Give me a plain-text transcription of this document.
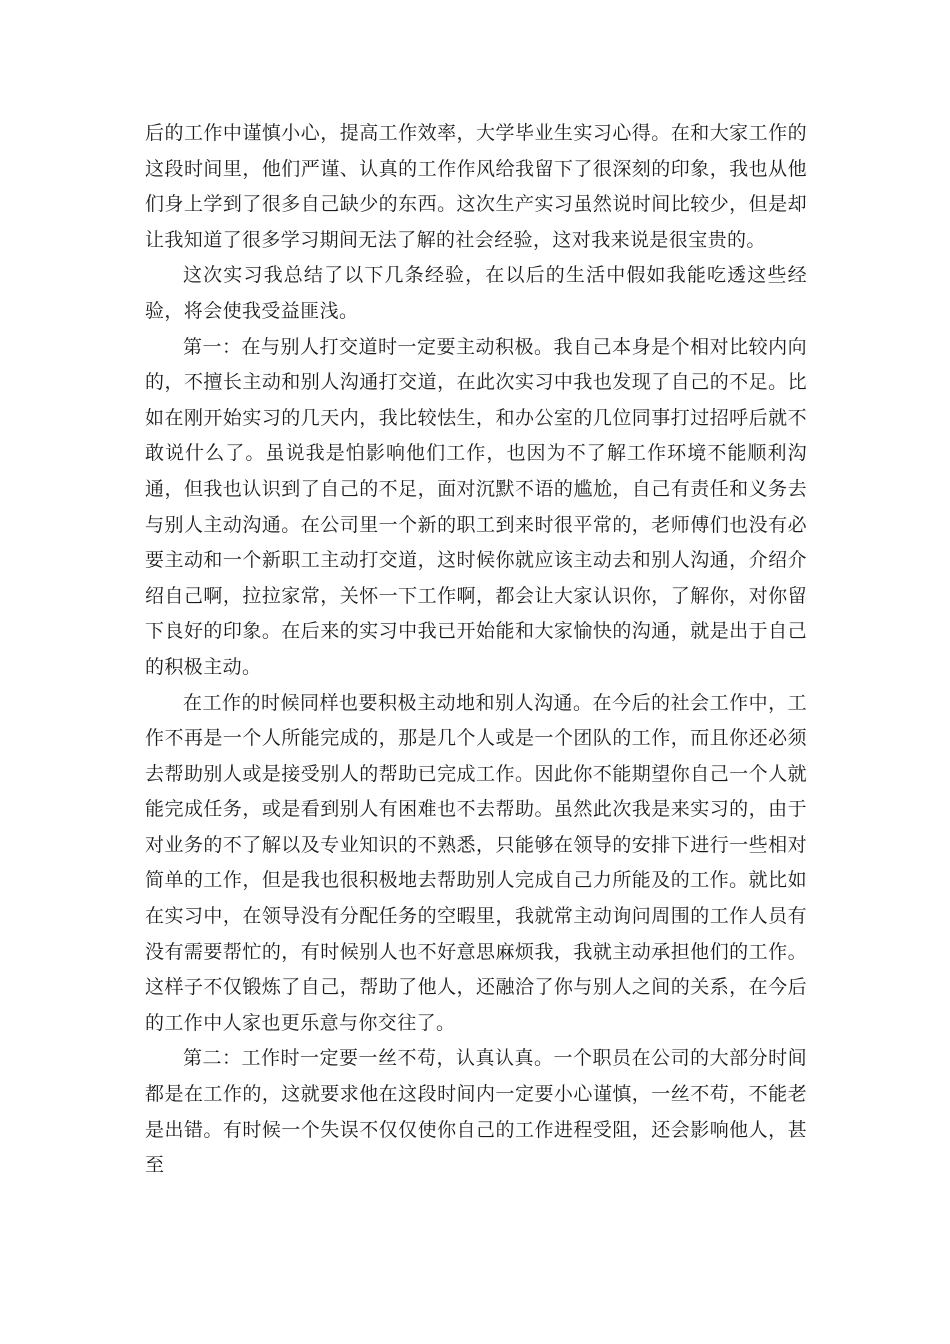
后的工作中谨慎小心，提高工作效率，大学毕业生实习心得。在和大家工作的这段时间里，他们严谨、认真的工作作风给我留下了很深刻的印象，我也从他们身上学到了很多自己缺少的东西。这次生产实习虽然说时间比较少，但是却让我知道了很多学习期间无法了解的社会经验，这对我来说是很宝贵的。

这次实习我总结了以下几条经验，在以后的生活中假如我能吃透这些经验，将会使我受益匪浅。

第一：在与别人打交道时一定要主动积极。我自己本身是个相对比较内向的，不擅长主动和别人沟通打交道，在此次实习中我也发现了自己的不足。比如在刚开始实习的几天内，我比较怯生，和办公室的几位同事打过招呼后就不敢说什么了。虽说我是怕影响他们工作，也因为不了解工作环境不能顺利沟通，但我也认识到了自己的不足，面对沉默不语的尴尬，自己有责任和义务去与别人主动沟通。在公司里一个新的职工到来时很平常的，老师傅们也没有必要主动和一个新职工主动打交道，这时候你就应该主动去和别人沟通，介绍介绍自己啊，拉拉家常，关怀一下工作啊，都会让大家认识你，了解你，对你留下良好的印象。在后来的实习中我已开始能和大家愉快的沟通，就是出于自己的积极主动。

在工作的时候同样也要积极主动地和别人沟通。在今后的社会工作中，工作不再是一个人所能完成的，那是几个人或是一个团队的工作，而且你还必须去帮助别人或是接受别人的帮助已完成工作。因此你不能期望你自己一个人就能完成任务，或是看到别人有困难也不去帮助。虽然此次我是来实习的，由于对业务的不了解以及专业知识的不熟悉，只能够在领导的安排下进行一些相对简单的工作，但是我也很积极地去帮助别人完成自己力所能及的工作。就比如在实习中，在领导没有分配任务的空暇里，我就常主动询问周围的工作人员有没有需要帮忙的，有时候别人也不好意思麻烦我，我就主动承担他们的工作。这样子不仅锻炼了自己，帮助了他人，还融洽了你与别人之间的关系，在今后的工作中人家也更乐意与你交往了。

第二：工作时一定要一丝不苟，认真认真。一个职员在公司的大部分时间都是在工作的，这就要求他在这段时间内一定要小心谨慎，一丝不苟，不能老是出错。有时候一个失误不仅仅使你自己的工作进程受阻，还会影响他人，甚至
